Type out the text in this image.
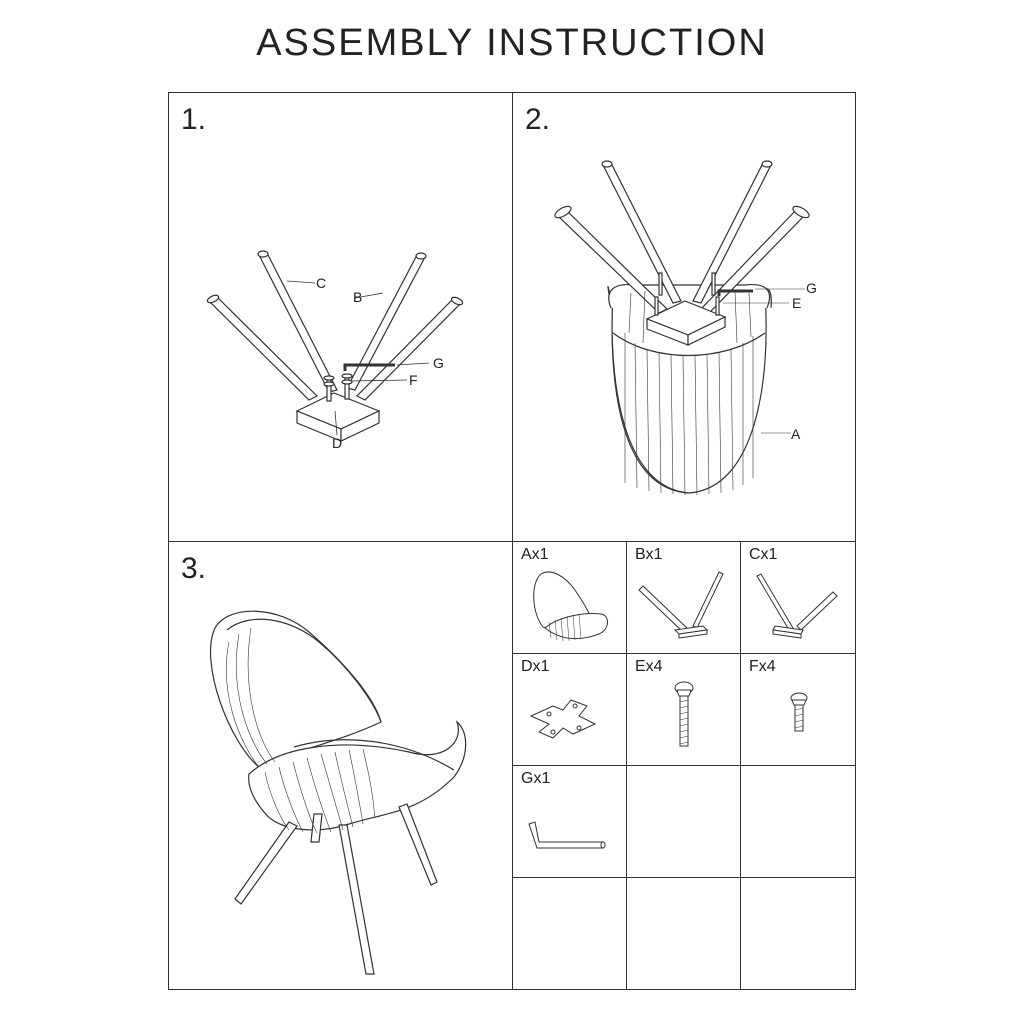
ASSEMBLY INSTRUCTION
1.
C
B
G
F
D
2.
G
E
A
3.	Ax1	Bx1	Cx1
Dx1	Ex4	Fx4
Gx1
